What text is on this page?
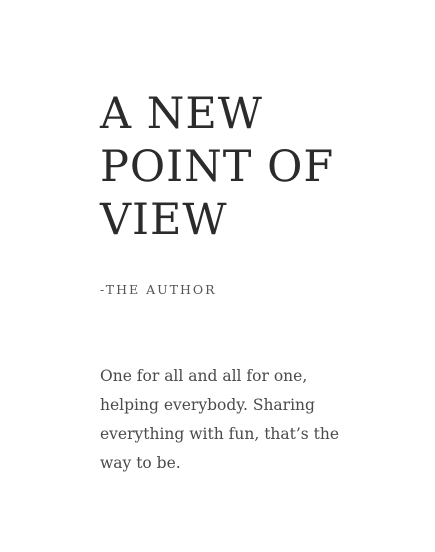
A NEW
POINT OF
VIEW
-THE AUTHOR

One for all and all for one,
helping everybody. Sharing
everything with fun, that’s the
way to be.
